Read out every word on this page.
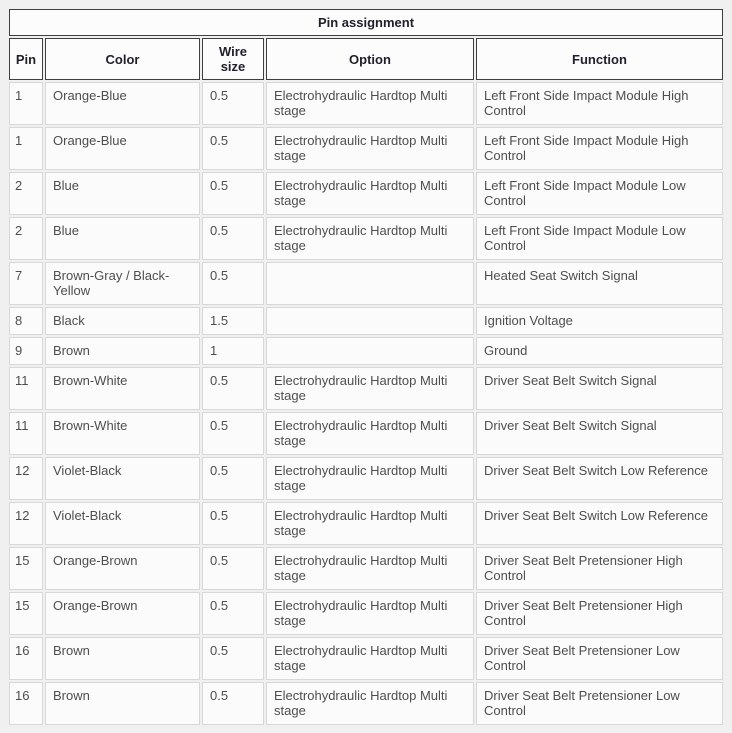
Pin assignment				
Pin	Color	Wire size	Option	Function
1	Orange-Blue	0.5	Electrohydraulic Hardtop Multi stage	Left Front Side Impact Module High Control
1	Orange-Blue	0.5	Electrohydraulic Hardtop Multi stage	Left Front Side Impact Module High Control
2	Blue	0.5	Electrohydraulic Hardtop Multi stage	Left Front Side Impact Module Low Control
2	Blue	0.5	Electrohydraulic Hardtop Multi stage	Left Front Side Impact Module Low Control
7	Brown-Gray / Black-Yellow	0.5		Heated Seat Switch Signal
8	Black	1.5		Ignition Voltage
9	Brown	1		Ground
11	Brown-White	0.5	Electrohydraulic Hardtop Multi stage	Driver Seat Belt Switch Signal
11	Brown-White	0.5	Electrohydraulic Hardtop Multi stage	Driver Seat Belt Switch Signal
12	Violet-Black	0.5	Electrohydraulic Hardtop Multi stage	Driver Seat Belt Switch Low Reference
12	Violet-Black	0.5	Electrohydraulic Hardtop Multi stage	Driver Seat Belt Switch Low Reference
15	Orange-Brown	0.5	Electrohydraulic Hardtop Multi stage	Driver Seat Belt Pretensioner High Control
15	Orange-Brown	0.5	Electrohydraulic Hardtop Multi stage	Driver Seat Belt Pretensioner High Control
16	Brown	0.5	Electrohydraulic Hardtop Multi stage	Driver Seat Belt Pretensioner Low Control
16	Brown	0.5	Electrohydraulic Hardtop Multi stage	Driver Seat Belt Pretensioner Low Control
